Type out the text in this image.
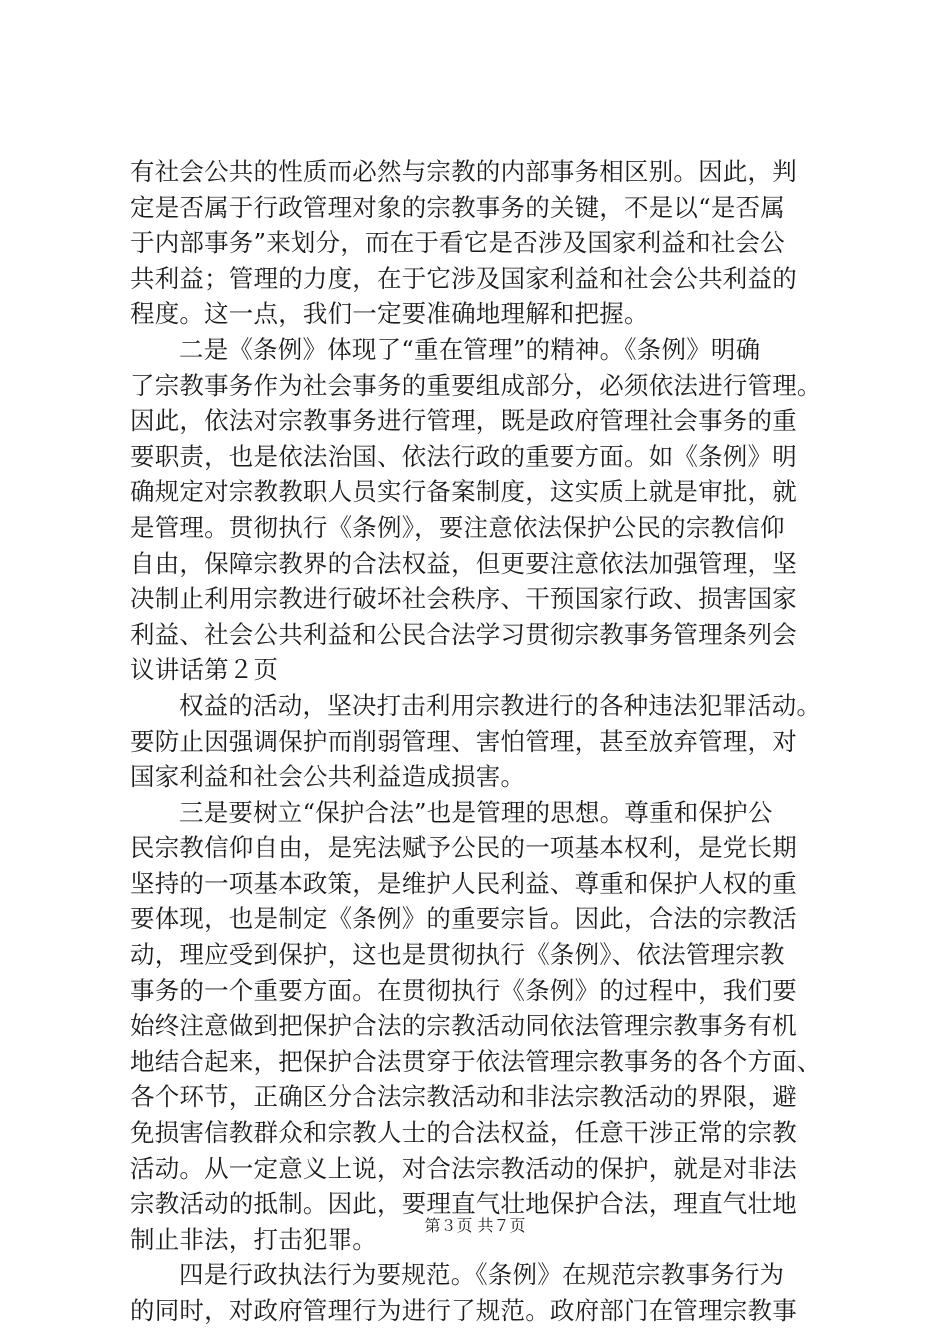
有社会公共的性质而必然与宗教的内部事务相区别。因此，判
定是否属于行政管理对象的宗教事务的关键，不是以“是否属
于内部事务”来划分，而在于看它是否涉及国家利益和社会公
共利益；管理的力度，在于它涉及国家利益和社会公共利益的
程度。这一点，我们一定要准确地理解和把握。
二是《条例》体现了“重在管理”的精神。《条例》明确
了宗教事务作为社会事务的重要组成部分，必须依法进行管理。
因此，依法对宗教事务进行管理，既是政府管理社会事务的重
要职责，也是依法治国、依法行政的重要方面。如《条例》明
确规定对宗教教职人员实行备案制度，这实质上就是审批，就
是管理。贯彻执行《条例》，要注意依法保护公民的宗教信仰
自由，保障宗教界的合法权益，但更要注意依法加强管理，坚
决制止利用宗教进行破坏社会秩序、干预国家行政、损害国家
利益、社会公共利益和公民合法学习贯彻宗教事务管理条列会
议讲话第２页
权益的活动，坚决打击利用宗教进行的各种违法犯罪活动。
要防止因强调保护而削弱管理、害怕管理，甚至放弃管理，对
国家利益和社会公共利益造成损害。
三是要树立“保护合法”也是管理的思想。尊重和保护公
民宗教信仰自由，是宪法赋予公民的一项基本权利，是党长期
坚持的一项基本政策，是维护人民利益、尊重和保护人权的重
要体现，也是制定《条例》的重要宗旨。因此，合法的宗教活
动，理应受到保护，这也是贯彻执行《条例》、依法管理宗教
事务的一个重要方面。在贯彻执行《条例》的过程中，我们要
始终注意做到把保护合法的宗教活动同依法管理宗教事务有机
地结合起来，把保护合法贯穿于依法管理宗教事务的各个方面、
各个环节，正确区分合法宗教活动和非法宗教活动的界限，避
免损害信教群众和宗教人士的合法权益，任意干涉正常的宗教
活动。从一定意义上说，对合法宗教活动的保护，就是对非法
宗教活动的抵制。因此，要理直气壮地保护合法，理直气壮地
制止非法，打击犯罪。
四是行政执法行为要规范。《条例》在规范宗教事务行为
的同时，对政府管理行为进行了规范。政府部门在管理宗教事
第３页 共７页
